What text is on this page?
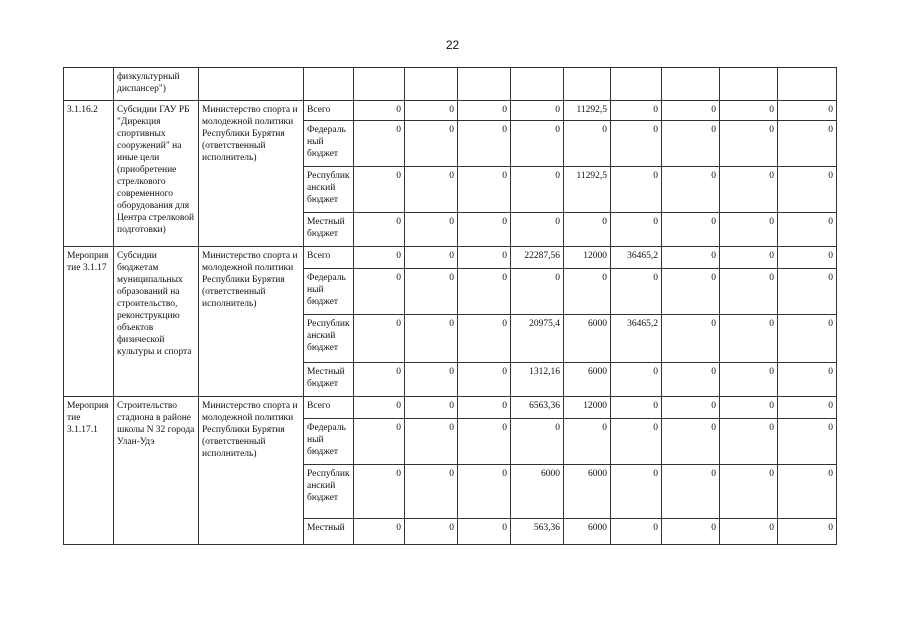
22
	физкультурный диспансер")											
3.1.16.2	Субсидии ГАУ РБ "Дирекция спортивных сооружений" на иные цели (приобретение стрелкового современного оборудования для Центра стрелковой подготовки)	Министерство спорта и молодежной политики Республики Бурятия (ответственный исполнитель)	Всего	0	0	0	0	11292,5	0	0	0	0
			Федеральный бюджет	0	0	0	0	0	0	0	0	0
			Республиканский бюджет	0	0	0	0	11292,5	0	0	0	0
			Местный бюджет	0	0	0	0	0	0	0	0	0
Мероприятие 3.1.17	Субсидии бюджетам муниципальных образований на строительство, реконструкцию объектов физической культуры и спорта	Министерство спорта и молодежной политики Республики Бурятия (ответственный исполнитель)	Всего	0	0	0	22287,56	12000	36465,2	0	0	0
			Федеральный бюджет	0	0	0	0	0	0	0	0	0
			Республиканский бюджет	0	0	0	20975,4	6000	36465,2	0	0	0
			Местный бюджет	0	0	0	1312,16	6000	0	0	0	0
Мероприятие 3.1.17.1	Строительство стадиона в районе школы N 32 города Улан-Удэ	Министерство спорта и молодежной политики Республики Бурятия (ответственный исполнитель)	Всего	0	0	0	6563,36	12000	0	0	0	0
			Федеральный бюджет	0	0	0	0	0	0	0	0	0
			Республиканский бюджет	0	0	0	6000	6000	0	0	0	0
			Местный	0	0	0	563,36	6000	0	0	0	0
